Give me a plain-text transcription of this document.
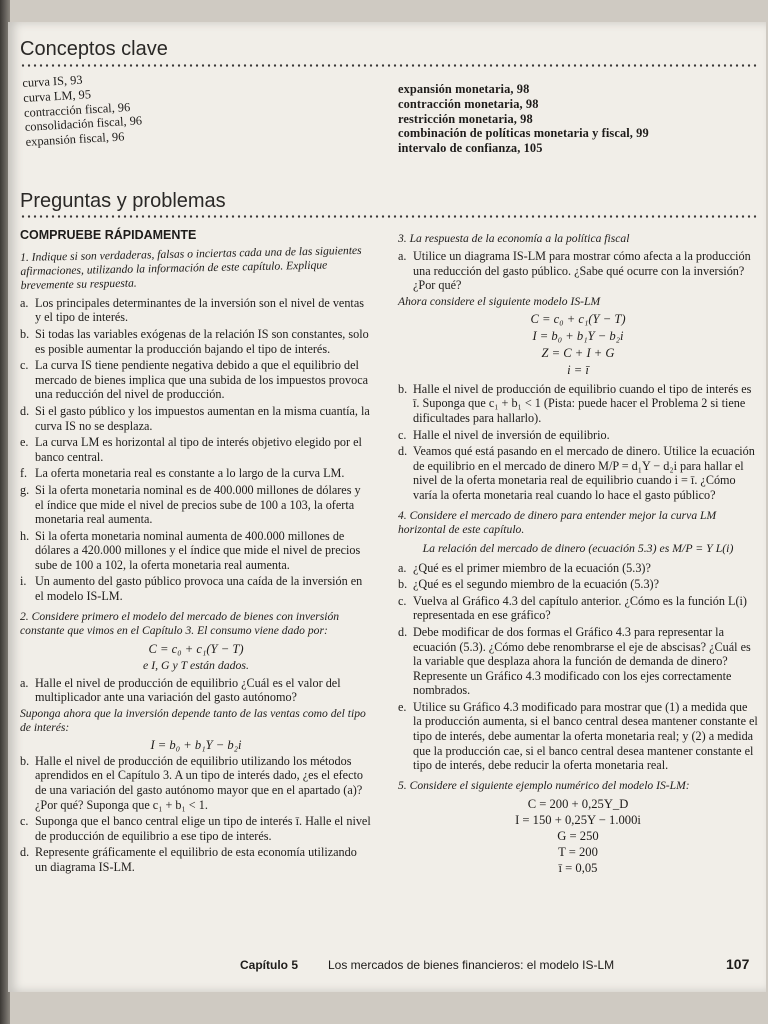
Conceptos clave

curva IS, 93

curva LM, 95

contracción fiscal, 96

consolidación fiscal, 96

expansión fiscal, 96

expansión monetaria, 98

contracción monetaria, 98

restricción monetaria, 98

combinación de políticas monetaria y fiscal, 99

intervalo de confianza, 105

Preguntas y problemas

COMPRUEBE RÁPIDAMENTE

1. Indique si son verdaderas, falsas o inciertas cada una de las siguientes afirmaciones, utilizando la información de este capítulo. Explique brevemente su respuesta.

a. Los principales determinantes de la inversión son el nivel de ventas y el tipo de interés.
b. Si todas las variables exógenas de la relación IS son constantes, solo es posible aumentar la producción bajando el tipo de interés.
c. La curva IS tiene pendiente negativa debido a que el equilibrio del mercado de bienes implica que una subida de los impuestos provoca una reducción del nivel de producción.
d. Si el gasto público y los impuestos aumentan en la misma cuantía, la curva IS no se desplaza.
e. La curva LM es horizontal al tipo de interés objetivo elegido por el banco central.
f. La oferta monetaria real es constante a lo largo de la curva LM.
g. Si la oferta monetaria nominal es de 400.000 millones de dólares y el índice que mide el nivel de precios sube de 100 a 103, la oferta monetaria real aumenta.
h. Si la oferta monetaria nominal aumenta de 400.000 millones de dólares a 420.000 millones y el índice que mide el nivel de precios sube de 100 a 102, la oferta monetaria real aumenta.
i. Un aumento del gasto público provoca una caída de la inversión en el modelo IS-LM.

2. Considere primero el modelo del mercado de bienes con inversión constante que vimos en el Capítulo 3. El consumo viene dado por:

C = c₀ + c₁(Y − T)

e I, G y T están dados.

a. Halle el nivel de producción de equilibrio ¿Cuál es el valor del multiplicador ante una variación del gasto autónomo?

Suponga ahora que la inversión depende tanto de las ventas como del tipo de interés:

I = b₀ + b₁Y − b₂i

b. Halle el nivel de producción de equilibrio utilizando los métodos aprendidos en el Capítulo 3. A un tipo de interés dado, ¿es el efecto de una variación del gasto autónomo mayor que en el apartado (a)? ¿Por qué? Suponga que c₁ + b₁ < 1.
c. Suponga que el banco central elige un tipo de interés ī. Halle el nivel de producción de equilibrio a ese tipo de interés.
d. Represente gráficamente el equilibrio de esta economía utilizando un diagrama IS-LM.

3. La respuesta de la economía a la política fiscal

a. Utilice un diagrama IS-LM para mostrar cómo afecta a la producción una reducción del gasto público. ¿Sabe qué ocurre con la inversión? ¿Por qué?

Ahora considere el siguiente modelo IS-LM

C = c₀ + c₁(Y − T)

I = b₀ + b₁Y − b₂i

Z = C + I + G

i = ī

b. Halle el nivel de producción de equilibrio cuando el tipo de interés es ī. Suponga que c₁ + b₁ < 1 (Pista: puede hacer el Problema 2 si tiene dificultades para hallarlo).
c. Halle el nivel de inversión de equilibrio.
d. Veamos qué está pasando en el mercado de dinero. Utilice la ecuación de equilibrio en el mercado de dinero M/P = d₁Y − d₂i para hallar el nivel de la oferta monetaria real de equilibrio cuando i = ī. ¿Cómo varía la oferta monetaria real cuando lo hace el gasto público?

4. Considere el mercado de dinero para entender mejor la curva LM horizontal de este capítulo.

La relación del mercado de dinero (ecuación 5.3) es M/P = Y L(i)

a. ¿Qué es el primer miembro de la ecuación (5.3)?
b. ¿Qué es el segundo miembro de la ecuación (5.3)?
c. Vuelva al Gráfico 4.3 del capítulo anterior. ¿Cómo es la función L(i) representada en ese gráfico?
d. Debe modificar de dos formas el Gráfico 4.3 para representar la ecuación (5.3). ¿Cómo debe renombrarse el eje de abscisas? ¿Cuál es la variable que desplaza ahora la función de demanda de dinero? Represente un Gráfico 4.3 modificado con los ejes correctamente nombrados.
e. Utilice su Gráfico 4.3 modificado para mostrar que (1) a medida que la producción aumenta, si el banco central desea mantener constante el tipo de interés, debe aumentar la oferta monetaria real; y (2) a medida que la producción cae, si el banco central desea mantener constante el tipo de interés, debe reducir la oferta monetaria real.

5. Considere el siguiente ejemplo numérico del modelo IS-LM:

C = 200 + 0,25Y_D

I = 150 + 0,25Y − 1.000i

G = 250

T = 200

ī = 0,05

Capítulo 5 Los mercados de bienes financieros: el modelo IS-LM	107
